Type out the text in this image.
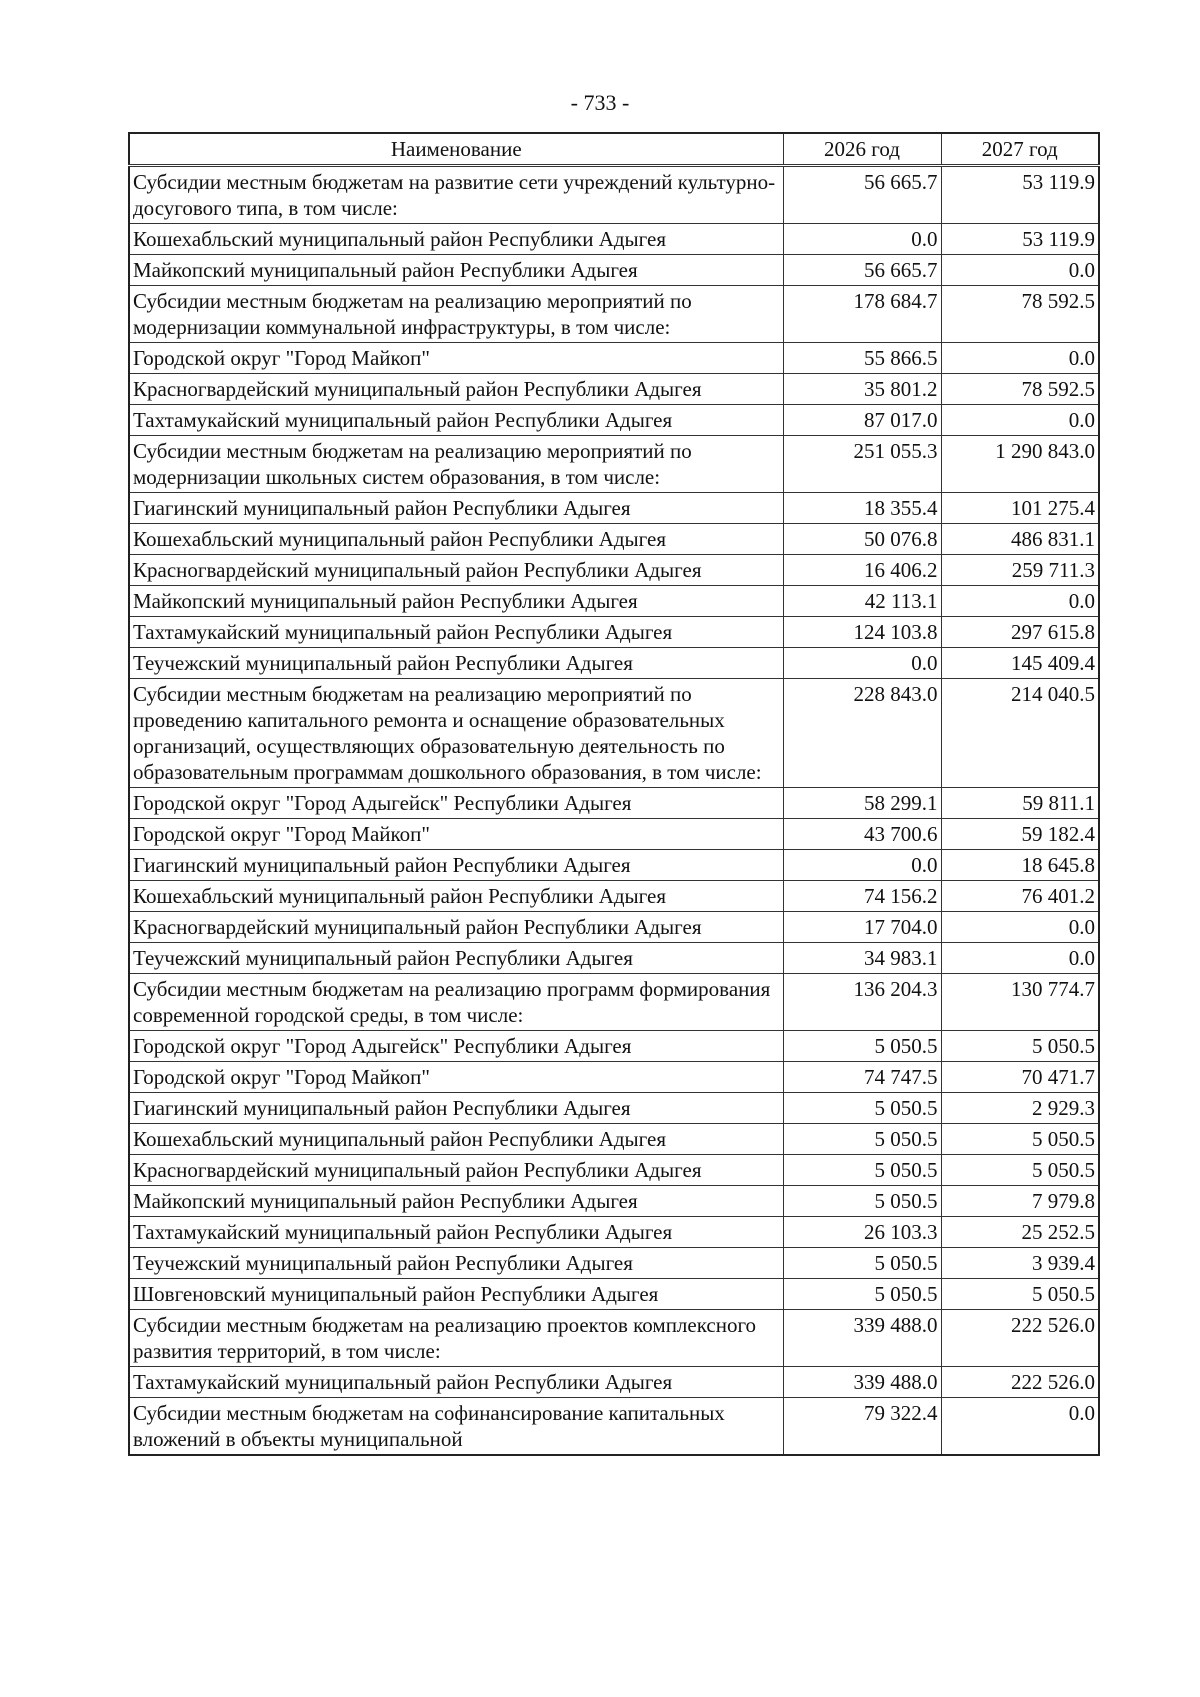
- 733 -
Наименование	2026 год	2027 год
Субсидии местным бюджетам на развитие сети учреждений культурно-досугового типа, в том числе:	56 665.7	53 119.9
Кошехабльский муниципальный район Республики Адыгея	0.0	53 119.9
Майкопский муниципальный район Республики Адыгея	56 665.7	0.0
Субсидии местным бюджетам на реализацию мероприятий по модернизации коммунальной инфраструктуры, в том числе:	178 684.7	78 592.5
Городской округ "Город Майкоп"	55 866.5	0.0
Красногвардейский муниципальный район Республики Адыгея	35 801.2	78 592.5
Тахтамукайский муниципальный район Республики Адыгея	87 017.0	0.0
Субсидии местным бюджетам на реализацию мероприятий по модернизации школьных систем образования, в том числе:	251 055.3	1 290 843.0
Гиагинский муниципальный район Республики Адыгея	18 355.4	101 275.4
Кошехабльский муниципальный район Республики Адыгея	50 076.8	486 831.1
Красногвардейский муниципальный район Республики Адыгея	16 406.2	259 711.3
Майкопский муниципальный район Республики Адыгея	42 113.1	0.0
Тахтамукайский муниципальный район Республики Адыгея	124 103.8	297 615.8
Теучежский муниципальный район Республики Адыгея	0.0	145 409.4
Субсидии местным бюджетам на реализацию мероприятий по проведению капитального ремонта и оснащение образовательных организаций, осуществляющих образовательную деятельность по образовательным программам дошкольного образования, в том числе:	228 843.0	214 040.5
Городской округ "Город Адыгейск" Республики Адыгея	58 299.1	59 811.1
Городской округ "Город Майкоп"	43 700.6	59 182.4
Гиагинский муниципальный район Республики Адыгея	0.0	18 645.8
Кошехабльский муниципальный район Республики Адыгея	74 156.2	76 401.2
Красногвардейский муниципальный район Республики Адыгея	17 704.0	0.0
Теучежский муниципальный район Республики Адыгея	34 983.1	0.0
Субсидии местным бюджетам на реализацию программ формирования современной городской среды, в том числе:	136 204.3	130 774.7
Городской округ "Город Адыгейск" Республики Адыгея	5 050.5	5 050.5
Городской округ "Город Майкоп"	74 747.5	70 471.7
Гиагинский муниципальный район Республики Адыгея	5 050.5	2 929.3
Кошехабльский муниципальный район Республики Адыгея	5 050.5	5 050.5
Красногвардейский муниципальный район Республики Адыгея	5 050.5	5 050.5
Майкопский муниципальный район Республики Адыгея	5 050.5	7 979.8
Тахтамукайский муниципальный район Республики Адыгея	26 103.3	25 252.5
Теучежский муниципальный район Республики Адыгея	5 050.5	3 939.4
Шовгеновский муниципальный район Республики Адыгея	5 050.5	5 050.5
Субсидии местным бюджетам на реализацию проектов комплексного развития территорий, в том числе:	339 488.0	222 526.0
Тахтамукайский муниципальный район Республики Адыгея	339 488.0	222 526.0
Субсидии местным бюджетам на софинансирование капитальных вложений в объекты муниципальной	79 322.4	0.0
